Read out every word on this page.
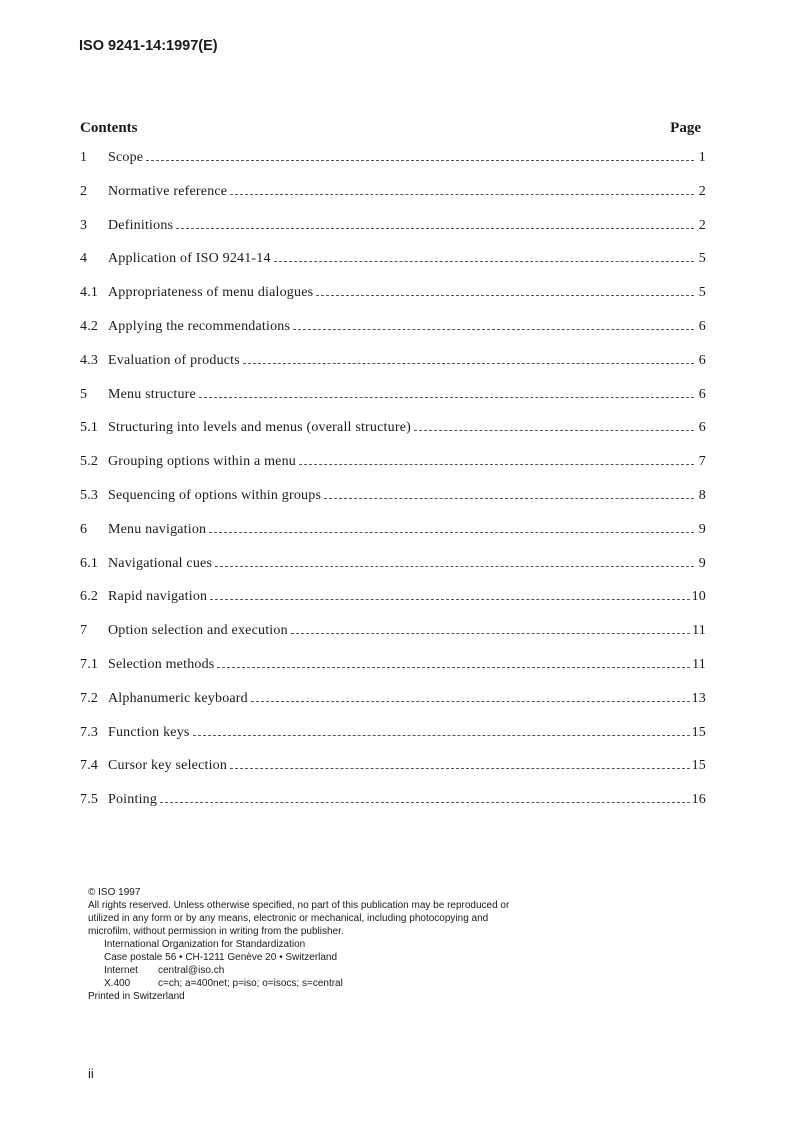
ISO 9241-14:1997(E)
Contents	Page
1	Scope	1
2	Normative reference	2
3	Definitions	2
4	Application of ISO 9241-14	5
4.1 Appropriateness of menu dialogues	5
4.2 Applying the recommendations	6
4.3 Evaluation of products	6
5	Menu structure	6
5.1 Structuring into levels and menus (overall structure)	6
5.2 Grouping options within a menu	7
5.3 Sequencing of options within groups	8
6	Menu navigation	9
6.1 Navigational cues	9
6.2 Rapid navigation	10
7	Option selection and execution	11
7.1 Selection methods	11
7.2 Alphanumeric keyboard	13
7.3 Function keys	15
7.4 Cursor key selection	15
7.5 Pointing	16
© ISO 1997
All rights reserved. Unless otherwise specified, no part of this publication may be reproduced or
utilized in any form or by any means, electronic or mechanical, including photocopying and
microfilm, without permission in writing from the publisher.
International Organization for Standardization
Case postale 56 • CH-1211 Genève 20 • Switzerland
Internet	central@iso.ch
X.400	c=ch; a=400net; p=iso; o=isocs; s=central
Printed in Switzerland
ii
